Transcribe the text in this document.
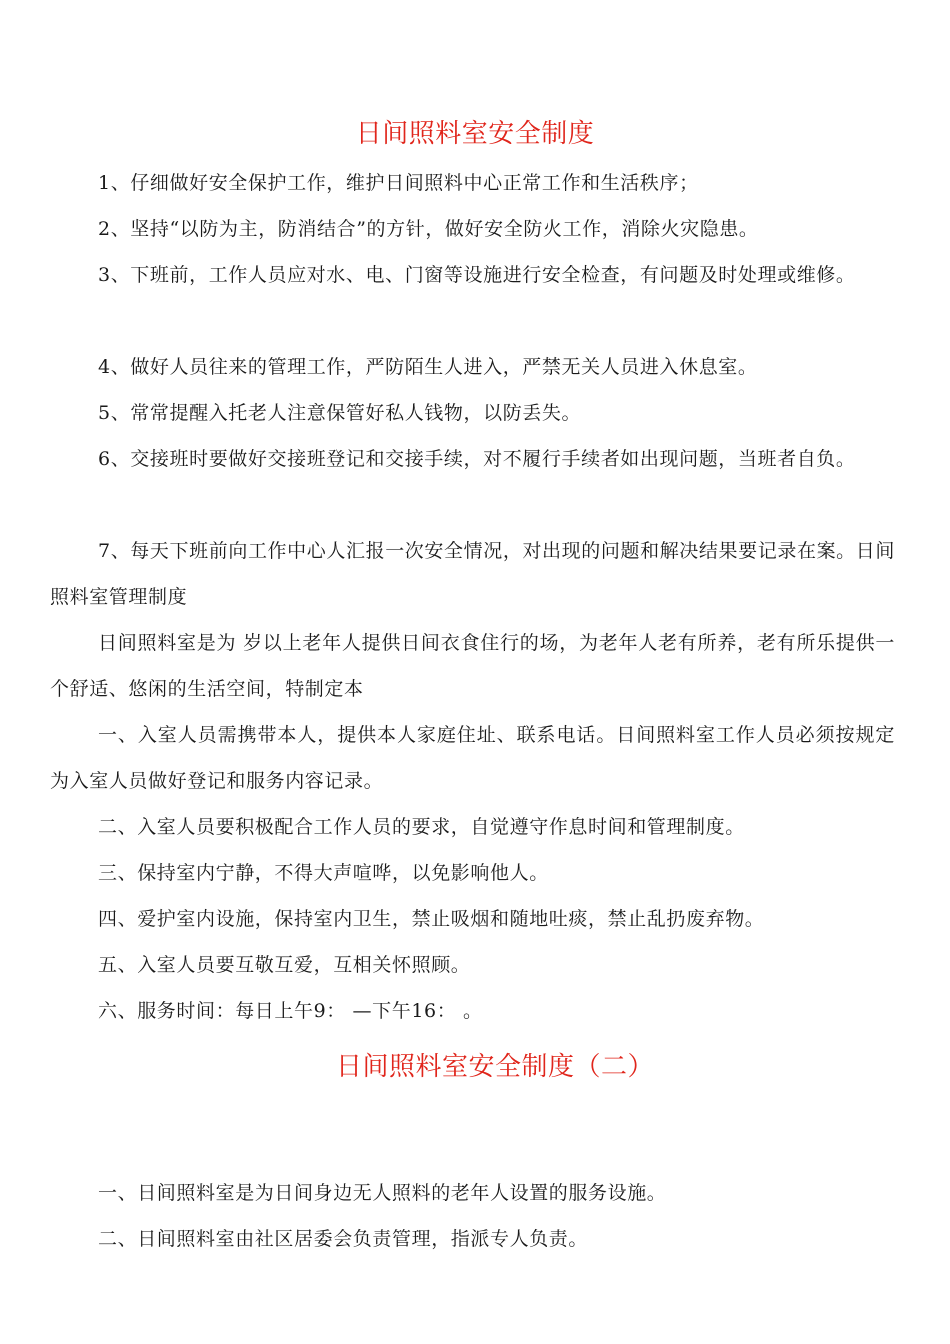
日间照料室安全制度

1、仔细做好安全保护工作，维护日间照料中心正常工作和生活秩序；

2、坚持“以防为主，防消结合”的方针，做好安全防火工作，消除火灾隐患。

3、下班前，工作人员应对水、电、门窗等设施进行安全检查，有问题及时处理或维修。

4、做好人员往来的管理工作，严防陌生人进入，严禁无关人员进入休息室。

5、常常提醒入托老人注意保管好私人钱物，以防丢失。

6、交接班时要做好交接班登记和交接手续，对不履行手续者如出现问题，当班者自负。

7、每天下班前向工作中心人汇报一次安全情况，对出现的问题和解决结果要记录在案。日间照料室管理制度

日间照料室是为 岁以上老年人提供日间衣食住行的场，为老年人老有所养，老有所乐提供一个舒适、悠闲的生活空间，特制定本

一、入室人员需携带本人，提供本人家庭住址、联系电话。日间照料室工作人员必须按规定为入室人员做好登记和服务内容记录。

二、入室人员要积极配合工作人员的要求，自觉遵守作息时间和管理制度。

三、保持室内宁静，不得大声喧哗，以免影响他人。

四、爱护室内设施，保持室内卫生，禁止吸烟和随地吐痰，禁止乱扔废弃物。

五、入室人员要互敬互爱，互相关怀照顾。

六、服务时间：每日上午9： —下午16： 。

日间照料室安全制度（二）

一、日间照料室是为日间身边无人照料的老年人设置的服务设施。

二、日间照料室由社区居委会负责管理，指派专人负责。
